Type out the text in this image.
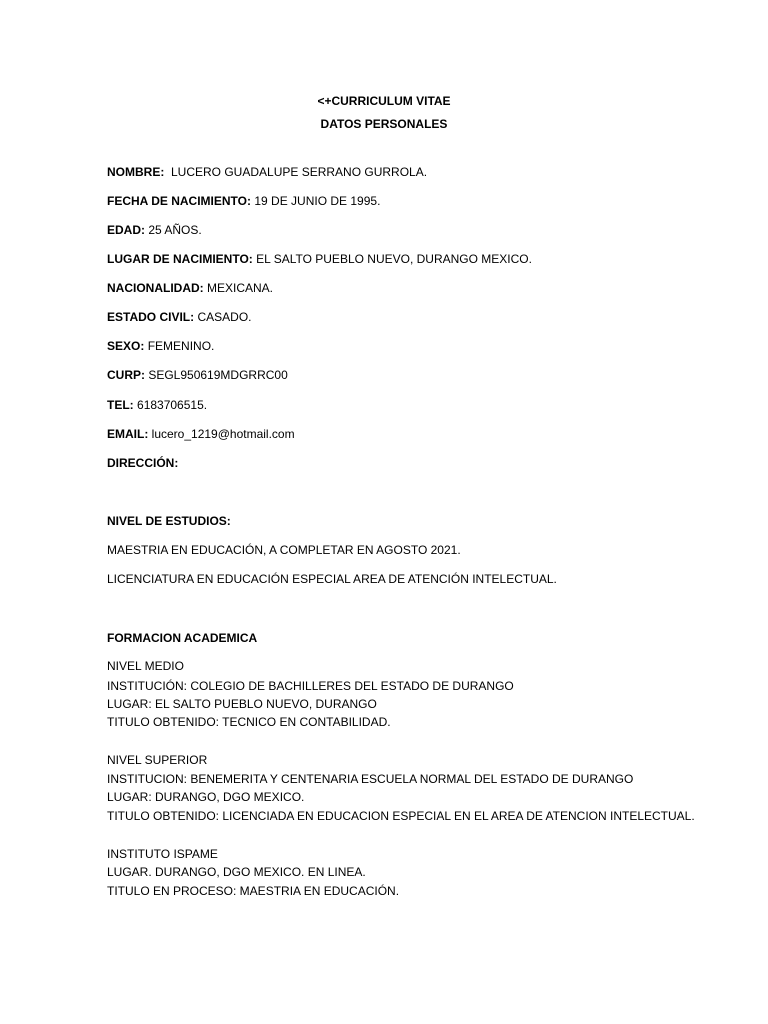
<+CURRICULUM VITAE
DATOS PERSONALES
NOMBRE: LUCERO GUADALUPE SERRANO GURROLA.
FECHA DE NACIMIENTO: 19 DE JUNIO DE 1995.
EDAD: 25 AÑOS.
LUGAR DE NACIMIENTO: EL SALTO PUEBLO NUEVO, DURANGO MEXICO.
NACIONALIDAD: MEXICANA.
ESTADO CIVIL: CASADO.
SEXO: FEMENINO.
CURP: SEGL950619MDGRRC00
TEL: 6183706515.
EMAIL: lucero_1219@hotmail.com
DIRECCIÓN:
NIVEL DE ESTUDIOS:
MAESTRIA EN EDUCACIÓN, A COMPLETAR EN AGOSTO 2021.
LICENCIATURA EN EDUCACIÓN ESPECIAL AREA DE ATENCIÓN INTELECTUAL.
FORMACION ACADEMICA
NIVEL MEDIO
INSTITUCIÓN: COLEGIO DE BACHILLERES DEL ESTADO DE DURANGO
LUGAR: EL SALTO PUEBLO NUEVO, DURANGO
TITULO OBTENIDO: TECNICO EN CONTABILIDAD.
NIVEL SUPERIOR
INSTITUCION: BENEMERITA Y CENTENARIA ESCUELA NORMAL DEL ESTADO DE DURANGO
LUGAR: DURANGO, DGO MEXICO.
TITULO OBTENIDO: LICENCIADA EN EDUCACION ESPECIAL EN EL AREA DE ATENCION INTELECTUAL.
INSTITUTO ISPAME
LUGAR. DURANGO, DGO MEXICO. EN LINEA.
TITULO EN PROCESO: MAESTRIA EN EDUCACIÓN.
